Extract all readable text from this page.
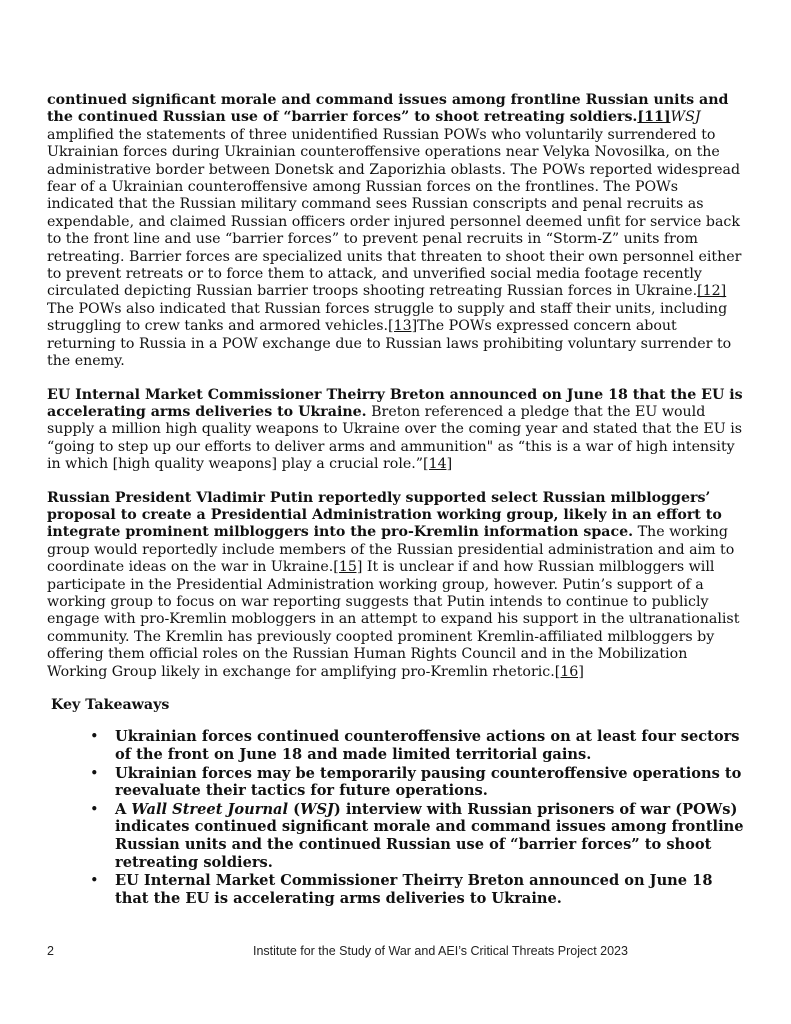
continued significant morale and command issues among frontline Russian units and the continued Russian use of “barrier forces” to shoot retreating soldiers.[11]WSJ amplified the statements of three unidentified Russian POWs who voluntarily surrendered to Ukrainian forces during Ukrainian counteroffensive operations near Velyka Novosilka, on the administrative border between Donetsk and Zaporizhia oblasts. The POWs reported widespread fear of a Ukrainian counteroffensive among Russian forces on the frontlines. The POWs indicated that the Russian military command sees Russian conscripts and penal recruits as expendable, and claimed Russian officers order injured personnel deemed unfit for service back to the front line and use “barrier forces” to prevent penal recruits in “Storm-Z” units from retreating. Barrier forces are specialized units that threaten to shoot their own personnel either to prevent retreats or to force them to attack, and unverified social media footage recently circulated depicting Russian barrier troops shooting retreating Russian forces in Ukraine.[12] The POWs also indicated that Russian forces struggle to supply and staff their units, including struggling to crew tanks and armored vehicles.[13]The POWs expressed concern about returning to Russia in a POW exchange due to Russian laws prohibiting voluntary surrender to the enemy.

EU Internal Market Commissioner Theirry Breton announced on June 18 that the EU is accelerating arms deliveries to Ukraine. Breton referenced a pledge that the EU would supply a million high quality weapons to Ukraine over the coming year and stated that the EU is “going to step up our efforts to deliver arms and ammunition" as “this is a war of high intensity in which [high quality weapons] play a crucial role.”[14]

Russian President Vladimir Putin reportedly supported select Russian milbloggers’ proposal to create a Presidential Administration working group, likely in an effort to integrate prominent milbloggers into the pro-Kremlin information space. The working group would reportedly include members of the Russian presidential administration and aim to coordinate ideas on the war in Ukraine.[15] It is unclear if and how Russian milbloggers will participate in the Presidential Administration working group, however. Putin’s support of a working group to focus on war reporting suggests that Putin intends to continue to publicly engage with pro-Kremlin mobloggers in an attempt to expand his support in the ultranationalist community. The Kremlin has previously coopted prominent Kremlin-affiliated milbloggers by offering them official roles on the Russian Human Rights Council and in the Mobilization Working Group likely in exchange for amplifying pro-Kremlin rhetoric.[16]

Key Takeaways
• Ukrainian forces continued counteroffensive actions on at least four sectors of the front on June 18 and made limited territorial gains.
• Ukrainian forces may be temporarily pausing counteroffensive operations to reevaluate their tactics for future operations.
• A Wall Street Journal (WSJ) interview with Russian prisoners of war (POWs) indicates continued significant morale and command issues among frontline Russian units and the continued Russian use of “barrier forces” to shoot retreating soldiers.
• EU Internal Market Commissioner Theirry Breton announced on June 18 that the EU is accelerating arms deliveries to Ukraine.
2	Institute for the Study of War and AEI’s Critical Threats Project 2023
